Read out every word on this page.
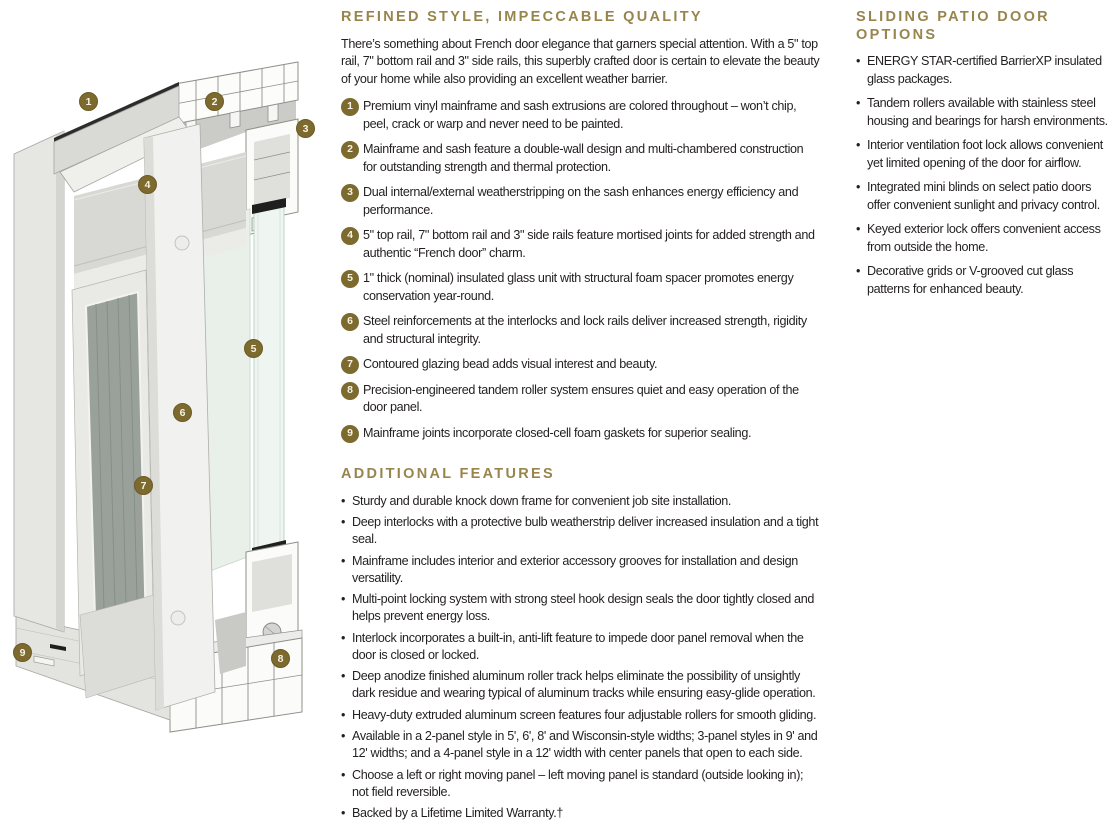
1	2
3
4
5
6
7
8
9
REFINED STYLE, IMPECCABLE QUALITY

There’s something about French door elegance that garners special attention. With a 5" top rail, 7" bottom rail and 3" side rails, this superbly crafted door is certain to elevate the beauty of your home while also providing an excellent weather barrier.

1 Premium vinyl mainframe and sash extrusions are colored throughout – won’t chip, peel, crack or warp and never need to be painted.

2 Mainframe and sash feature a double-wall design and multi-chambered construction for outstanding strength and thermal protection.

3 Dual internal/external weatherstripping on the sash enhances energy efficiency and performance.

4 5" top rail, 7" bottom rail and 3" side rails feature mortised joints for added strength and authentic “French door” charm.

5 1" thick (nominal) insulated glass unit with structural foam spacer promotes energy conservation year-round.

6 Steel reinforcements at the interlocks and lock rails deliver increased strength, rigidity and structural integrity.

7 Contoured glazing bead adds visual interest and beauty.

8 Precision-engineered tandem roller system ensures quiet and easy operation of the door panel.

9 Mainframe joints incorporate closed-cell foam gaskets for superior sealing.

ADDITIONAL FEATURES
• Sturdy and durable knock down frame for convenient job site installation.
• Deep interlocks with a protective bulb weatherstrip deliver increased insulation and a tight seal.
• Mainframe includes interior and exterior accessory grooves for installation and design versatility.
• Multi-point locking system with strong steel hook design seals the door tightly closed and helps prevent energy loss.
• Interlock incorporates a built-in, anti-lift feature to impede door panel removal when the door is closed or locked.
• Deep anodize finished aluminum roller track helps eliminate the possibility of unsightly dark residue and wearing typical of aluminum tracks while ensuring easy-glide operation.
• Heavy-duty extruded aluminum screen features four adjustable rollers for smooth gliding.
• Available in a 2-panel style in 5', 6', 8' and Wisconsin-style widths; 3-panel styles in 9' and 12' widths; and a 4-panel style in a 12' width with center panels that open to each side.
• Choose a left or right moving panel – left moving panel is standard (outside looking in); not field reversible.
• Backed by a Lifetime Limited Warranty.†
SLIDING PATIO DOOR OPTIONS
• ENERGY STAR-certified BarrierXP insulated glass packages.
• Tandem rollers available with stainless steel housing and bearings for harsh environments.
• Interior ventilation foot lock allows convenient yet limited opening of the door for airflow.
• Integrated mini blinds on select patio doors offer convenient sunlight and privacy control.
• Keyed exterior lock offers convenient access from outside the home.
• Decorative grids or V-grooved cut glass patterns for enhanced beauty.
